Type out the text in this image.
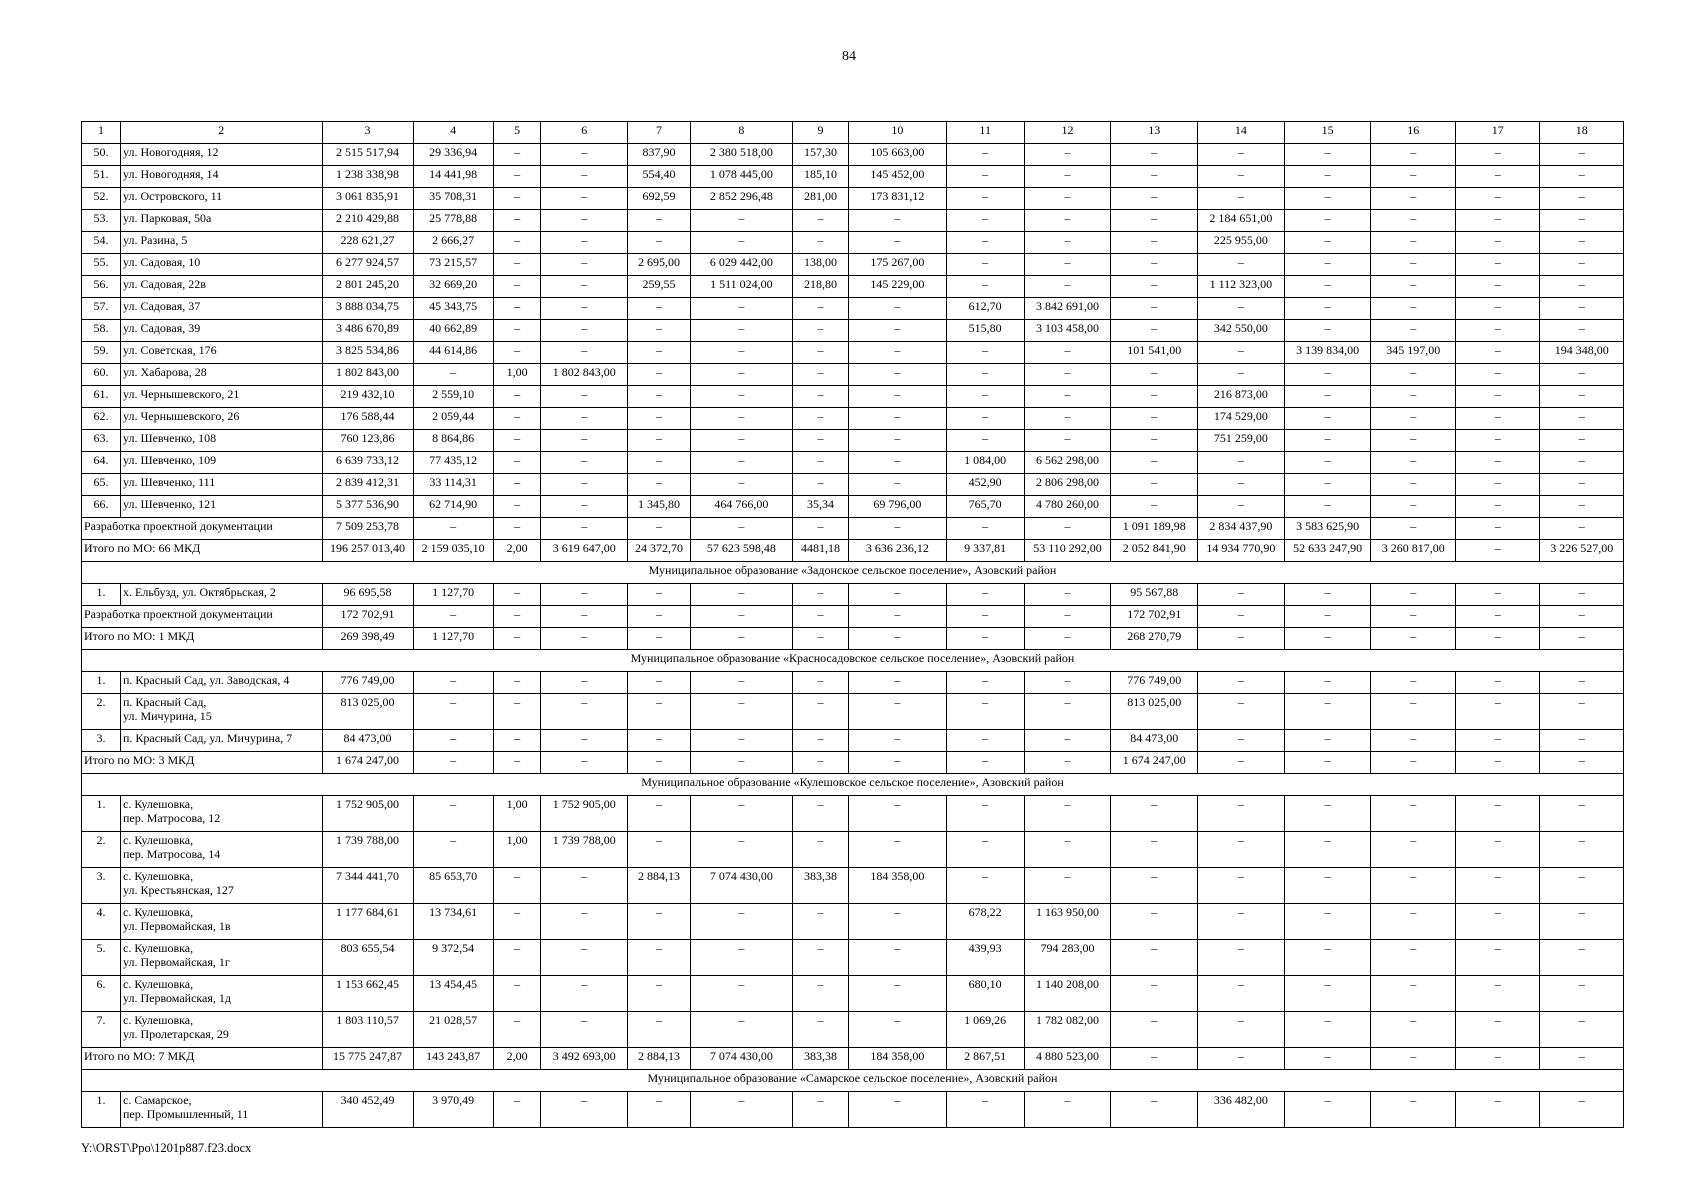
84
1	2	3	4	5	6	7	8	9	10	11	12	13	14	15	16	17	18
50.	ул. Новогодняя, 12	2 515 517,94	29 336,94	–	–	837,90	2 380 518,00	157,30	105 663,00	–	–	–	–	–	–	–	–
51.	ул. Новогодняя, 14	1 238 338,98	14 441,98	–	–	554,40	1 078 445,00	185,10	145 452,00	–	–	–	–	–	–	–	–
52.	ул. Островского, 11	3 061 835,91	35 708,31	–	–	692,59	2 852 296,48	281,00	173 831,12	–	–	–	–	–	–	–	–
53.	ул. Парковая, 50а	2 210 429,88	25 778,88	–	–	–	–	–	–	–	–	–	2 184 651,00	–	–	–	–
54.	ул. Разина, 5	228 621,27	2 666,27	–	–	–	–	–	–	–	–	–	225 955,00	–	–	–	–
55.	ул. Садовая, 10	6 277 924,57	73 215,57	–	–	2 695,00	6 029 442,00	138,00	175 267,00	–	–	–	–	–	–	–	–
56.	ул. Садовая, 22в	2 801 245,20	32 669,20	–	–	259,55	1 511 024,00	218,80	145 229,00	–	–	–	1 112 323,00	–	–	–	–
57.	ул. Садовая, 37	3 888 034,75	45 343,75	–	–	–	–	–	–	612,70	3 842 691,00	–	–	–	–	–	–
58.	ул. Садовая, 39	3 486 670,89	40 662,89	–	–	–	–	–	–	515,80	3 103 458,00	–	342 550,00	–	–	–	–
59.	ул. Советская, 176	3 825 534,86	44 614,86	–	–	–	–	–	–	–	–	101 541,00	–	3 139 834,00	345 197,00	–	194 348,00
60.	ул. Хабарова, 28	1 802 843,00	–	1,00	1 802 843,00	–	–	–	–	–	–	–	–	–	–	–	–
61.	ул. Чернышевского, 21	219 432,10	2 559,10	–	–	–	–	–	–	–	–	–	216 873,00	–	–	–	–
62.	ул. Чернышевского, 26	176 588,44	2 059,44	–	–	–	–	–	–	–	–	–	174 529,00	–	–	–	–
63.	ул. Шевченко, 108	760 123,86	8 864,86	–	–	–	–	–	–	–	–	–	751 259,00	–	–	–	–
64.	ул. Шевченко, 109	6 639 733,12	77 435,12	–	–	–	–	–	–	1 084,00	6 562 298,00	–	–	–	–	–	–
65.	ул. Шевченко, 111	2 839 412,31	33 114,31	–	–	–	–	–	–	452,90	2 806 298,00	–	–	–	–	–	–
66.	ул. Шевченко, 121	5 377 536,90	62 714,90	–	–	1 345,80	464 766,00	35,34	69 796,00	765,70	4 780 260,00	–	–	–	–	–	–
Разработка проектной документации		7 509 253,78	–	–	–	–	–	–	–	–	–	1 091 189,98	2 834 437,90	3 583 625,90	–	–	–
Итого по МО: 66 МКД		196 257 013,40	2 159 035,10	2,00	3 619 647,00	24 372,70	57 623 598,48	4481,18	3 636 236,12	9 337,81	53 110 292,00	2 052 841,90	14 934 770,90	52 633 247,90	3 260 817,00	–	3 226 527,00
Муниципальное образование «Задонское сельское поселение», Азовский район																	
1.	х. Ельбузд, ул. Октябрьская, 2	96 695,58	1 127,70	–	–	–	–	–	–	–	–	95 567,88	–	–	–	–	–
Разработка проектной документации		172 702,91	–	–	–	–	–	–	–	–	–	172 702,91	–	–	–	–	–
Итого по МО: 1 МКД		269 398,49	1 127,70	–	–	–	–	–	–	–	–	268 270,79	–	–	–	–	–
Муниципальное образование «Красносадовское сельское поселение», Азовский район																	
1.	п. Красный Сад, ул. Заводская, 4	776 749,00	–	–	–	–	–	–	–	–	–	776 749,00	–	–	–	–	–
2.	п. Красный Сад,
ул. Мичурина, 15	813 025,00	–	–	–	–	–	–	–	–	–	813 025,00	–	–	–	–	–
3.	п. Красный Сад, ул. Мичурина, 7	84 473,00	–	–	–	–	–	–	–	–	–	84 473,00	–	–	–	–	–
Итого по МО: 3 МКД		1 674 247,00	–	–	–	–	–	–	–	–	–	1 674 247,00	–	–	–	–	–
Муниципальное образование «Кулешовское сельское поселение», Азовский район																	
1.	с. Кулешовка,
пер. Матросова, 12	1 752 905,00	–	1,00	1 752 905,00	–	–	–	–	–	–	–	–	–	–	–	–
2.	с. Кулешовка,
пер. Матросова, 14	1 739 788,00	–	1,00	1 739 788,00	–	–	–	–	–	–	–	–	–	–	–	–
3.	с. Кулешовка,
ул. Крестьянская, 127	7 344 441,70	85 653,70	–	–	2 884,13	7 074 430,00	383,38	184 358,00	–	–	–	–	–	–	–	–
4.	с. Кулешовка,
ул. Первомайская, 1в	1 177 684,61	13 734,61	–	–	–	–	–	–	678,22	1 163 950,00	–	–	–	–	–	–
5.	с. Кулешовка,
ул. Первомайская, 1г	803 655,54	9 372,54	–	–	–	–	–	–	439,93	794 283,00	–	–	–	–	–	–
6.	с. Кулешовка,
ул. Первомайская, 1д	1 153 662,45	13 454,45	–	–	–	–	–	–	680,10	1 140 208,00	–	–	–	–	–	–
7.	с. Кулешовка,
ул. Пролетарская, 29	1 803 110,57	21 028,57	–	–	–	–	–	–	1 069,26	1 782 082,00	–	–	–	–	–	–
Итого по МО: 7 МКД		15 775 247,87	143 243,87	2,00	3 492 693,00	2 884,13	7 074 430,00	383,38	184 358,00	2 867,51	4 880 523,00	–	–	–	–	–	–
Муниципальное образование «Самарское сельское поселение», Азовский район																	
1.	с. Самарское,
пер. Промышленный, 11	340 452,49	3 970,49	–	–	–	–	–	–	–	–	–	336 482,00	–	–	–	–
Y:\ORST\Ppo\1201p887.f23.docx
